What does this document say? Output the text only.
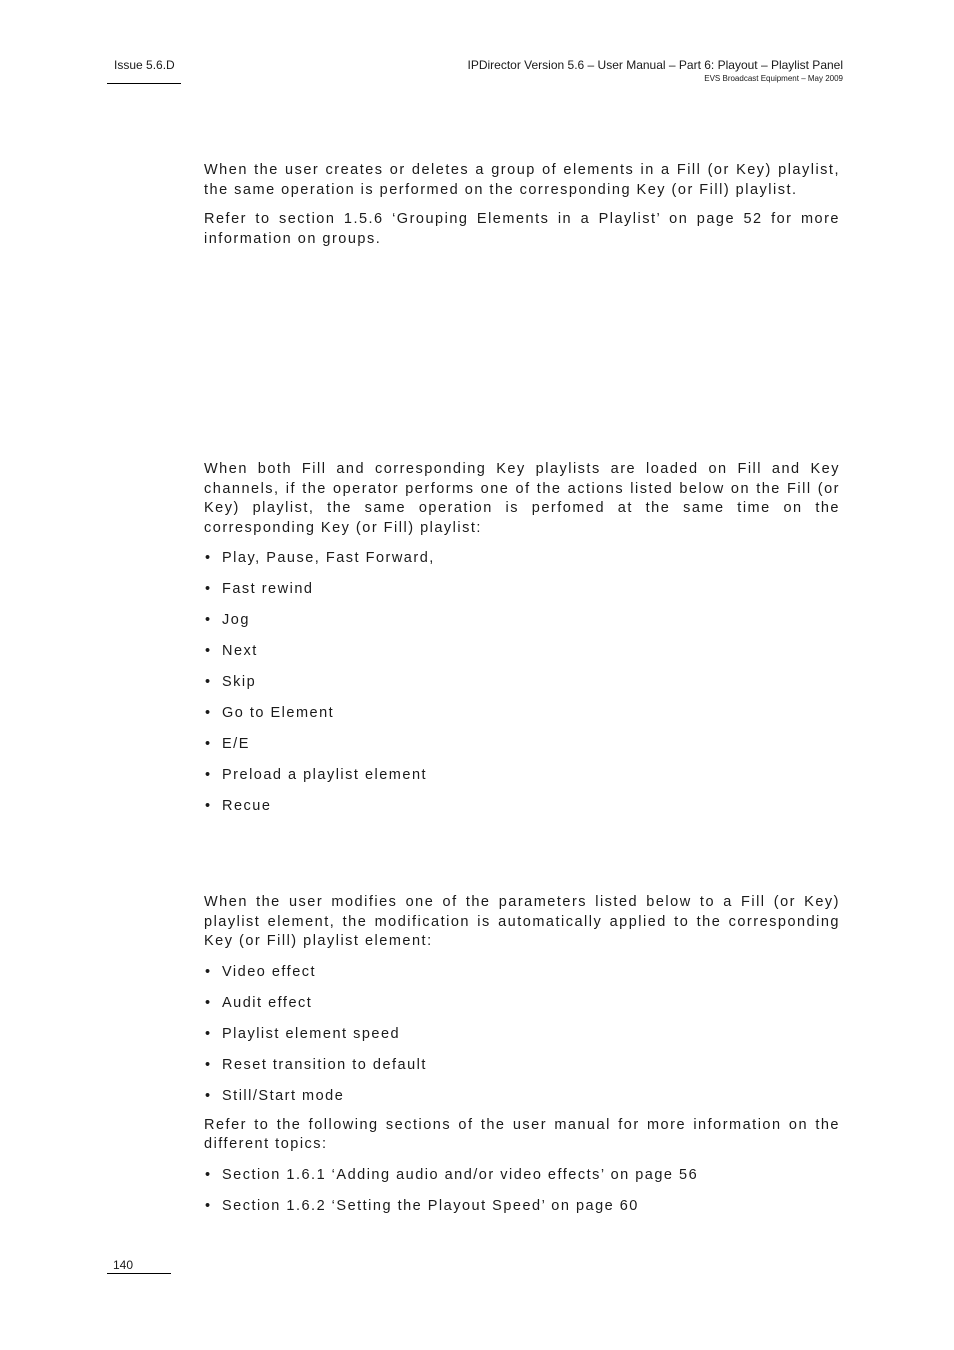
Issue 5.6.D	IPDirector Version 5.6 – User Manual – Part 6: Playout – Playlist Panel
EVS Broadcast Equipment – May 2009

When the user creates or deletes a group of elements in a Fill (or Key) playlist, the same operation is performed on the corresponding Key (or Fill) playlist.

Refer to section 1.5.6 ‘Grouping Elements in a Playlist’ on page 52 for more information on groups.

When both Fill and corresponding Key playlists are loaded on Fill and Key channels, if the operator performs one of the actions listed below on the Fill (or Key) playlist, the same operation is perfomed at the same time on the corresponding Key (or Fill) playlist:

• Play, Pause, Fast Forward,
• Fast rewind
• Jog
• Next
• Skip
• Go to Element
• E/E
• Preload a playlist element
• Recue

When the user modifies one of the parameters listed below to a Fill (or Key) playlist element, the modification is automatically applied to the corresponding Key (or Fill) playlist element:

• Video effect
• Audit effect
• Playlist element speed
• Reset transition to default
• Still/Start mode

Refer to the following sections of the user manual for more information on the different topics:

• Section 1.6.1 ‘Adding audio and/or video effects’ on page 56
• Section 1.6.2 ‘Setting the Playout Speed’ on page 60
140
